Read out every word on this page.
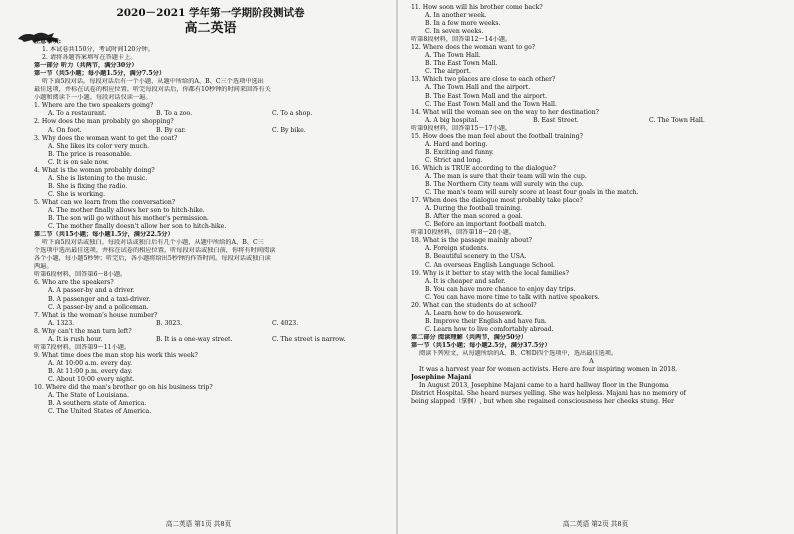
2020－2021 学年第一学期阶段测试卷
高二英语
注意事项:
1. 本试卷共150分，考试时间120分钟。
2. 请将各题答案填写在答题卡上。
第一部分 听力（共两节，满分30分）
第一节（共5小题；每小题1.5分，满分7.5分）
听下面5段对话。每段对话后有一个小题，从题中所给的A、B、C三个选项中选出
最佳选项，并标在试卷的相应位置。听完每段对话后，你都有10秒钟的时间来回答有关
小题和阅读下一小题。每段对话仅读一遍。
1. Where are the two speakers going?
A. To a restaurant.	B. To a zoo.	C. To a shop.
2. How does the man probably go shopping?
A. On foot.	B. By car.	C. By bike.
3. Why does the woman want to get the coat?
A. She likes its color very much.
B. The price is reasonable.
C. It is on sale now.
4. What is the woman probably doing?
A. She is listening to the music.
B. She is fixing the radio.
C. She is working.
5. What can we learn from the conversation?
A. The mother finally allows her son to hitch-hike.
B. The son will go without his mother's permission.
C. The mother finally doesn't allow her son to hitch-hike.
第二节（共15小题；每小题1.5分，满分22.5分）
听下面5段对话或独白。每段对话或独白后有几个小题，从题中所给的A、B、C三
个选项中选出最佳选项，并标在试卷的相应位置。听每段对话或独白前，你将有时间阅读
各个小题，每小题5秒钟；听完后，各小题将给出5秒钟的作答时间。每段对话或独白读
两遍。
听第6段材料，回答第6～8小题。
6. Who are the speakers?
A. A passer-by and a driver.
B. A passenger and a taxi-driver.
C. A passer-by and a policeman.
7. What is the woman's house number?
A. 1323.	B. 3023.	C. 4023.
8. Why can't the man turn left?
A. It is rush hour.	B. It is a one-way street.	C. The street is narrow.
听第7段材料，回答第9～11小题。
9. What time does the man stop his work this week?
A. At 10:00 a.m. every day.
B. At 11:00 p.m. every day.
C. About 10:00 every night.
10. Where did the man's brother go on his business trip?
A. The State of Louisiana.
B. A southern state of America.
C. The United States of America.
高二英语 第1页 共8页
11. How soon will his brother come back?
A. In another week.
B. In a few more weeks.
C. In seven weeks.
听第8段材料，回答第12～14小题。
12. Where does the woman want to go?
A. The Town Hall.
B. The East Town Mall.
C. The airport.
13. Which two places are close to each other?
A. The Town Hall and the airport.
B. The East Town Mall and the airport.
C. The East Town Mall and the Town Hall.
14. What will the woman see on the way to her destination?
A. A big hospital.	B. East Street.	C. The Town Hall.
听第9段材料，回答第15～17小题。
15. How does the man feel about the football training?
A. Hard and boring.
B. Exciting and funny.
C. Strict and long.
16. Which is TRUE according to the dialogue?
A. The man is sure that their team will win the cup.
B. The Northern City team will surely win the cup.
C. The man's team will surely score at least four goals in the match.
17. When does the dialogue most probably take place?
A. During the football training.
B. After the man scored a goal.
C. Before an important football match.
听第10段材料，回答第18～20小题。
18. What is the passage mainly about?
A. Foreign students.
B. Beautiful scenery in the USA.
C. An overseas English Language School.
19. Why is it better to stay with the local families?
A. It is cheaper and safer.
B. You can have more chance to enjoy day trips.
C. You can have more time to talk with native speakers.
20. What can the students do at school?
A. Learn how to do housework.
B. Improve their English and have fun.
C. Learn how to live comfortably abroad.
第二部分 阅读理解（共两节，满分50分）
第一节（共15小题；每小题2.5分，满分37.5分）
阅读下列短文，从每题所给的A、B、C和D四个选项中，选出最佳选项。
A
It was a harvest year for women activists. Here are four inspiring women in 2018.
Josephine Majani
In August 2013, Josephine Majani came to a hard hallway floor in the Bungoma
District Hospital. She heard nurses yelling. She was helpless. Majani has no memory of
being slapped（掌掴）, but when she regained consciousness her cheeks stung. Her
高二英语 第2页 共8页
